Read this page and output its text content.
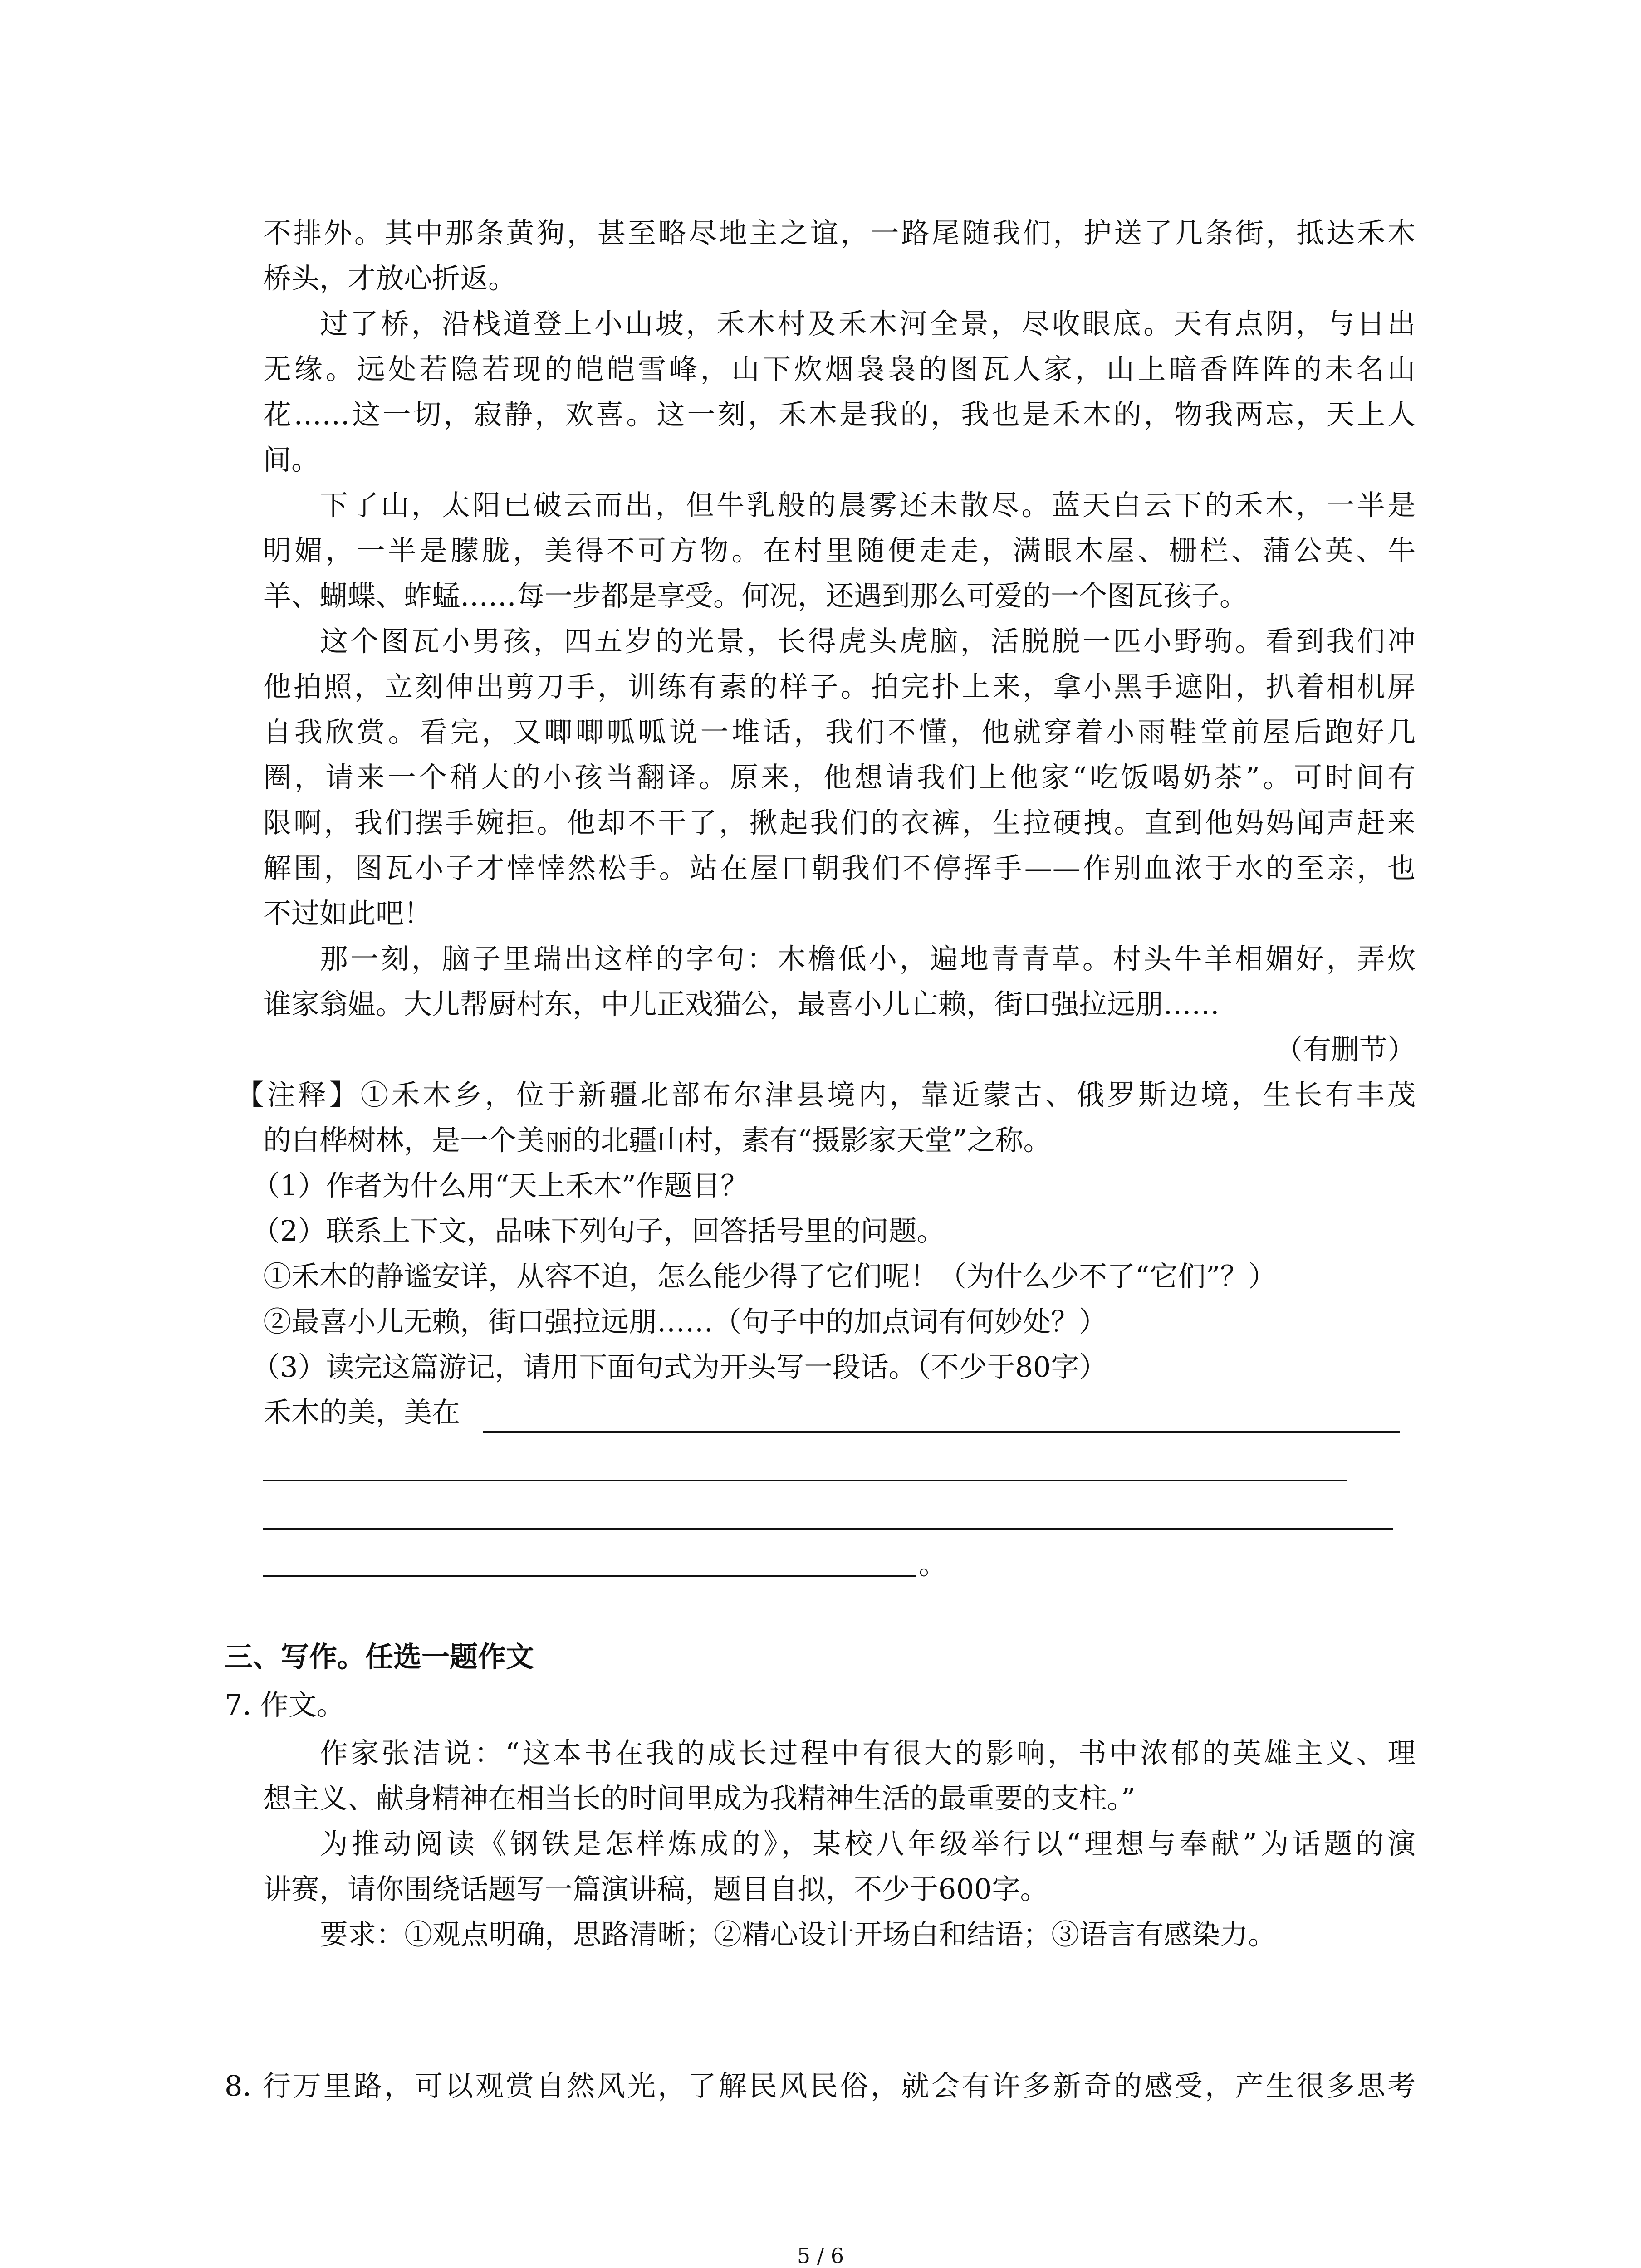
不排外。其中那条黄狗，甚至略尽地主之谊，一路尾随我们，护送了几条街，抵达禾木
桥头，才放心折返。
过了桥，沿栈道登上小山坡，禾木村及禾木河全景，尽收眼底。天有点阴，与日出
无缘。远处若隐若现的皑皑雪峰，山下炊烟袅袅的图瓦人家，山上暗香阵阵的未名山
花……这一切，寂静，欢喜。这一刻，禾木是我的，我也是禾木的，物我两忘，天上人
间。
下了山，太阳已破云而出，但牛乳般的晨雾还未散尽。蓝天白云下的禾木，一半是
明媚，一半是朦胧，美得不可方物。在村里随便走走，满眼木屋、栅栏、蒲公英、牛
羊、蝴蝶、蚱蜢……每一步都是享受。何况，还遇到那么可爱的一个图瓦孩子。
这个图瓦小男孩，四五岁的光景，长得虎头虎脑，活脱脱一匹小野驹。看到我们冲
他拍照，立刻伸出剪刀手，训练有素的样子。拍完扑上来，拿小黑手遮阳，扒着相机屏
自我欣赏。看完，又唧唧呱呱说一堆话，我们不懂，他就穿着小雨鞋堂前屋后跑好几
圈，请来一个稍大的小孩当翻译。原来，他想请我们上他家“吃饭喝奶茶”。可时间有
限啊，我们摆手婉拒。他却不干了，揪起我们的衣裤，生拉硬拽。直到他妈妈闻声赶来
解围，图瓦小子才悻悻然松手。站在屋口朝我们不停挥手——作别血浓于水的至亲，也
不过如此吧！
那一刻，脑子里瑞出这样的字句：木檐低小，遍地青青草。村头牛羊相媚好，弄炊
谁家翁媪。大儿帮厨村东，中儿正戏猫公，最喜小儿亡赖，街口强拉远朋……
（有删节）
【注释】①禾木乡，位于新疆北部布尔津县境内，靠近蒙古、俄罗斯边境，生长有丰茂
的白桦树林，是一个美丽的北疆山村，素有“摄影家天堂”之称。
（1）作者为什么用“天上禾木”作题目？
（2）联系上下文，品味下列句子，回答括号里的问题。
①禾木的静谧安详，从容不迫，怎么能少得了它们呢！（为什么少不了“它们”？）
②最喜小儿无赖，街口强拉远朋……（句子中的加点词有何妙处？）
（3）读完这篇游记，请用下面句式为开头写一段话。（不少于80字）
禾木的美，美在
。
三、写作。任选一题作文
7. 作文。
作家张洁说：“这本书在我的成长过程中有很大的影响，书中浓郁的英雄主义、理
想主义、献身精神在相当长的时间里成为我精神生活的最重要的支柱。”
为推动阅读《钢铁是怎样炼成的》，某校八年级举行以“理想与奉献”为话题的演
讲赛，请你围绕话题写一篇演讲稿，题目自拟，不少于600字。
要求：①观点明确，思路清晰；②精心设计开场白和结语；③语言有感染力。
8. 行万里路，可以观赏自然风光，了解民风民俗，就会有许多新奇的感受，产生很多思考
5 / 6
